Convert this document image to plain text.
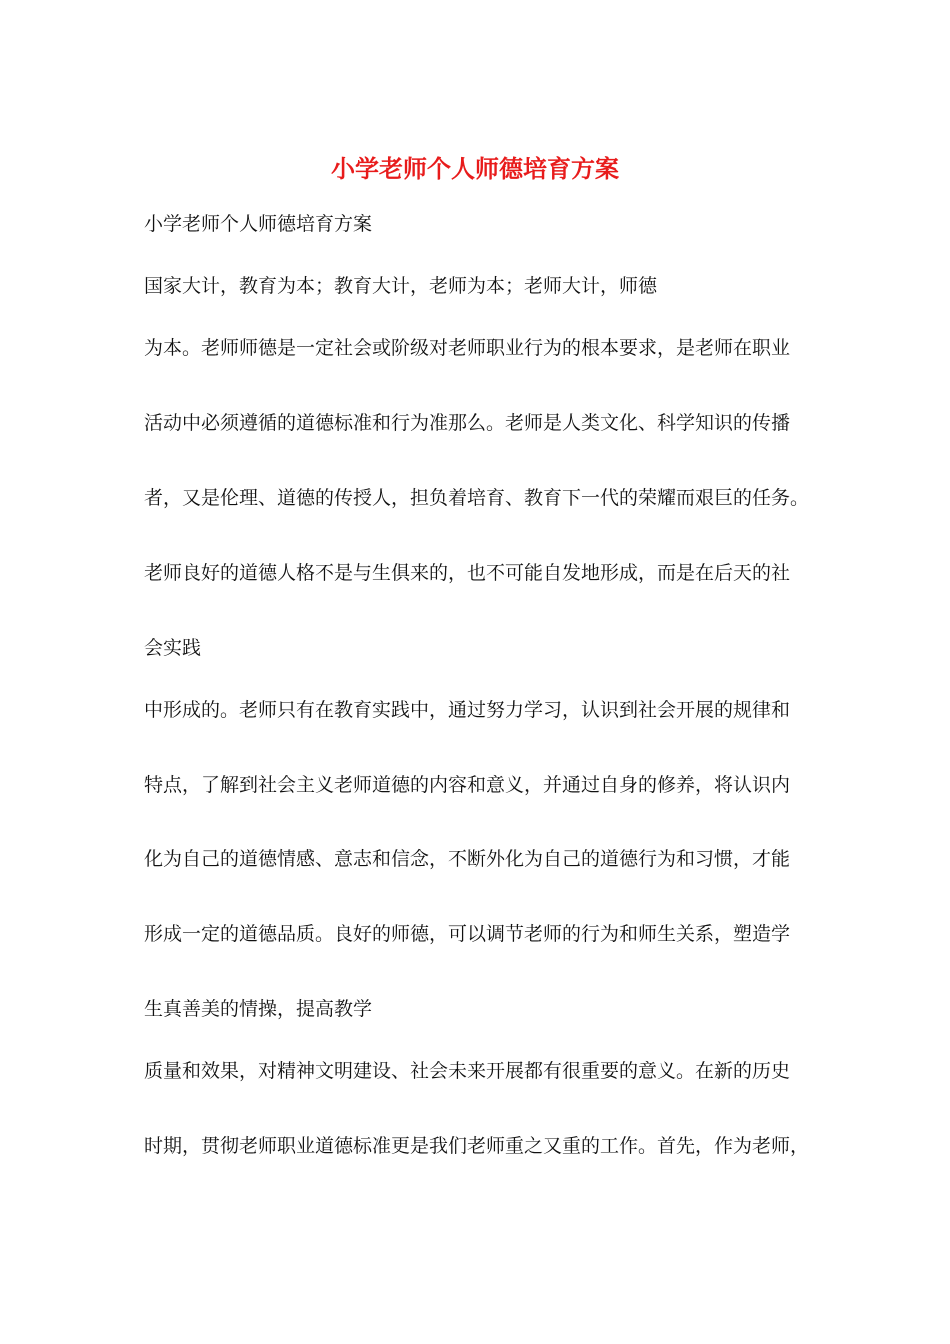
小学老师个人师德培育方案
小学老师个人师德培育方案
国家大计，教育为本；教育大计，老师为本；老师大计，师德
为本。老师师德是一定社会或阶级对老师职业行为的根本要求，是老师在职业
活动中必须遵循的道德标准和行为准那么。老师是人类文化、科学知识的传播
者，又是伦理、道德的传授人，担负着培育、教育下一代的荣耀而艰巨的任务。
老师良好的道德人格不是与生俱来的，也不可能自发地形成，而是在后天的社
会实践
中形成的。老师只有在教育实践中，通过努力学习，认识到社会开展的规律和
特点，了解到社会主义老师道德的内容和意义，并通过自身的修养，将认识内
化为自己的道德情感、意志和信念，不断外化为自己的道德行为和习惯，才能
形成一定的道德品质。良好的师德，可以调节老师的行为和师生关系，塑造学
生真善美的情操，提高教学
质量和效果，对精神文明建设、社会未来开展都有很重要的意义。在新的历史
时期，贯彻老师职业道德标准更是我们老师重之又重的工作。首先，作为老师，
